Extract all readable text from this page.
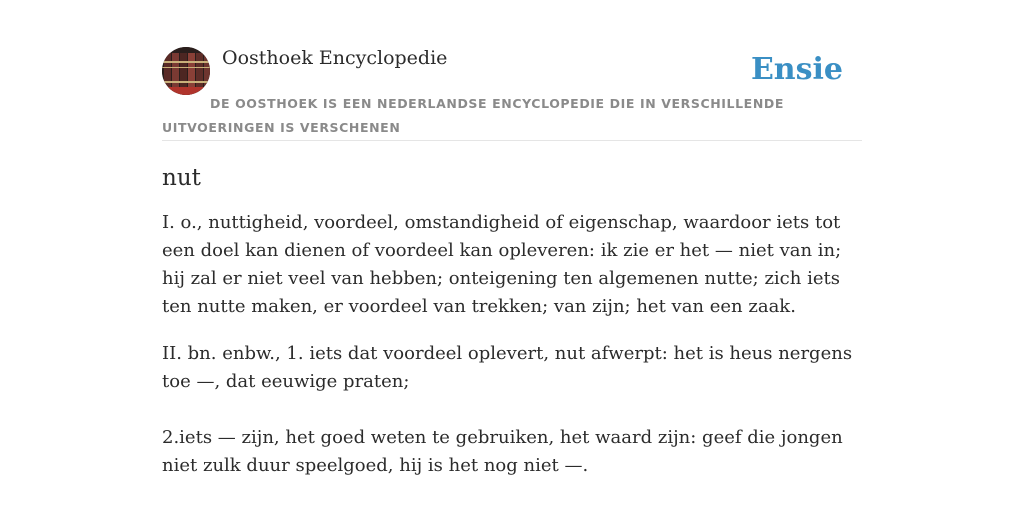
Oosthoek Encyclopedie	Ensie
DE OOSTHOEK IS EEN NEDERLANDSE ENCYCLOPEDIE DIE IN VERSCHILLENDE UITVOERINGEN IS VERSCHENEN
nut

I. o., nuttigheid, voordeel, omstandigheid of eigenschap, waardoor iets tot een doel kan dienen of voordeel kan opleveren: ik zie er het — niet van in; hij zal er niet veel van hebben; onteigening ten algemenen nutte; zich iets ten nutte maken, er voordeel van trekken; van zijn; het van een zaak.

II. bn. enbw., 1. iets dat voordeel oplevert, nut afwerpt: het is heus nergens toe —, dat eeuwige praten;

2.iets — zijn, het goed weten te gebruiken, het waard zijn: geef die jongen niet zulk duur speelgoed, hij is het nog niet —.
